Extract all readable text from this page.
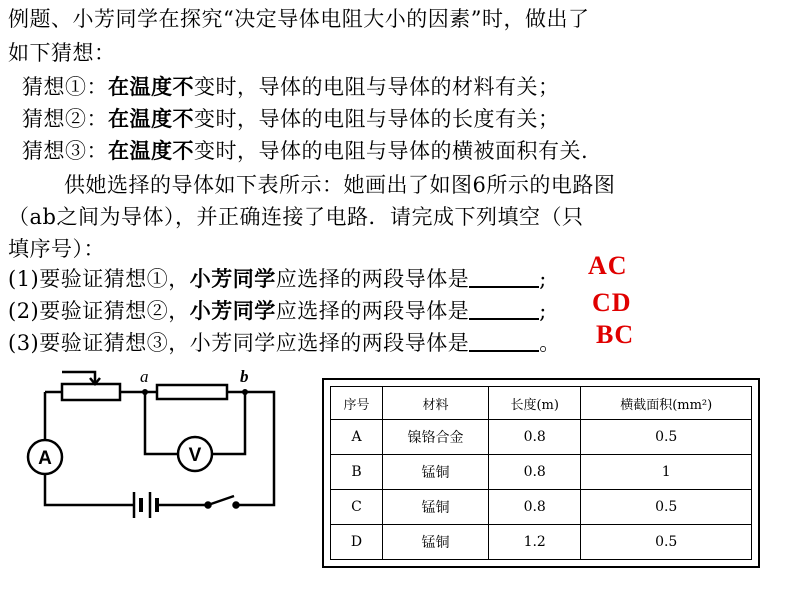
例题、小芳同学在探究“决定导体电阻大小的因素”时，做出了
如下猜想：
猜想①：在温度不变时，导体的电阻与导体的材料有关；
猜想②：在温度不变时，导体的电阻与导体的长度有关；
猜想③：在温度不变时，导体的电阻与导体的横被面积有关.
供她选择的导体如下表所示：她画出了如图6所示的电路图
（ab之间为导体），并正确连接了电路．请完成下列填空（只
填序号）：
(1)要验证猜想①，小芳同学应选择的两段导体是	;
(2)要验证猜想②，小芳同学应选择的两段导体是	;
(3)要验证猜想③，小芳同学应选择的两段导体是	。
AC
CD
BC
a	b
A	V
序号	材料	长度(m)	横截面积(mm²)
A	镍铬合金	0.8	0.5
B	锰铜	0.8	1
C	锰铜	0.8	0.5
D	锰铜	1.2	0.5
